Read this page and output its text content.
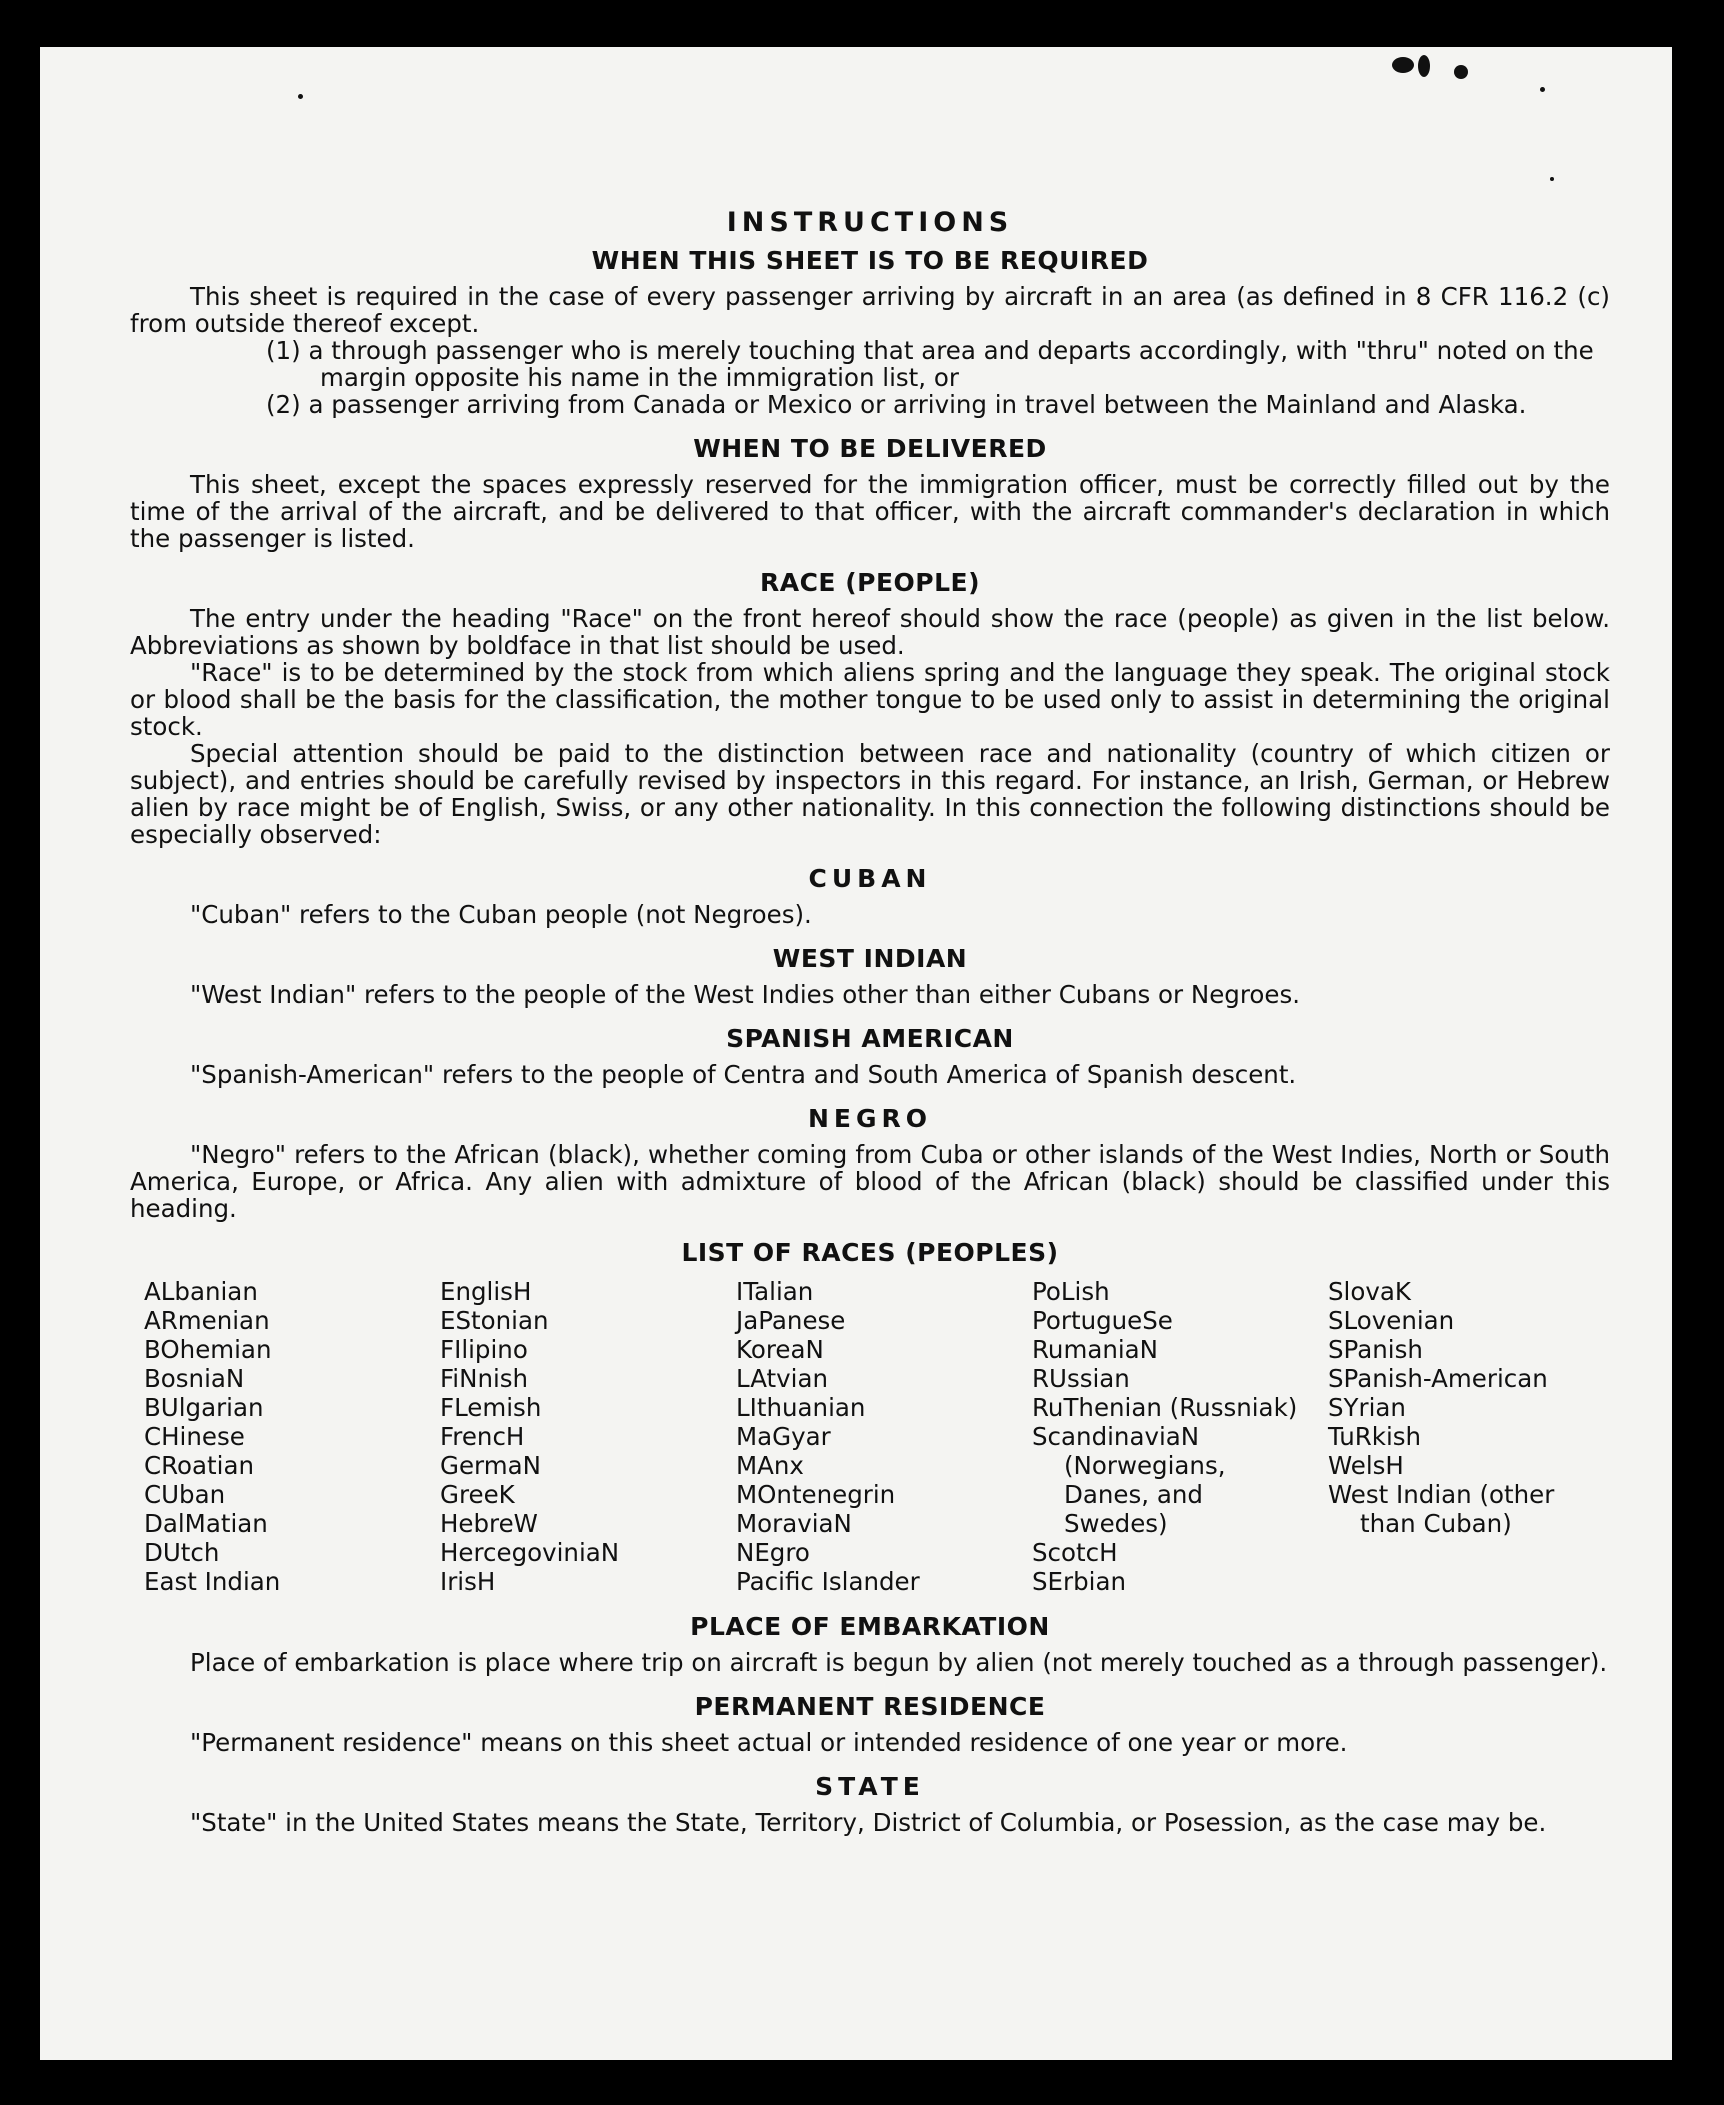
INSTRUCTIONS
WHEN THIS SHEET IS TO BE REQUIRED

This sheet is required in the case of every passenger arriving by aircraft in an area (as defined in 8 CFR 116.2 (c) from outside thereof except.

(1) a through passenger who is merely touching that area and departs accordingly, with "thru" noted on the margin opposite his name in the immigration list, or

(2) a passenger arriving from Canada or Mexico or arriving in travel between the Mainland and Alaska.

WHEN TO BE DELIVERED

This sheet, except the spaces expressly reserved for the immigration officer, must be correctly filled out by the time of the arrival of the aircraft, and be delivered to that officer, with the aircraft commander's declaration in which the passenger is listed.

RACE (PEOPLE)

The entry under the heading "Race" on the front hereof should show the race (people) as given in the list below. Abbreviations as shown by boldface in that list should be used.

"Race" is to be determined by the stock from which aliens spring and the language they speak. The original stock or blood shall be the basis for the classification, the mother tongue to be used only to assist in determining the original stock.

Special attention should be paid to the distinction between race and nationality (country of which citizen or subject), and entries should be carefully revised by inspectors in this regard. For instance, an Irish, German, or Hebrew alien by race might be of English, Swiss, or any other nationality. In this connection the following distinctions should be especially observed:

CUBAN

"Cuban" refers to the Cuban people (not Negroes).

WEST INDIAN

"West Indian" refers to the people of the West Indies other than either Cubans or Negroes.

SPANISH AMERICAN

"Spanish-American" refers to the people of Centra and South America of Spanish descent.

NEGRO

"Negro" refers to the African (black), whether coming from Cuba or other islands of the West Indies, North or South America, Europe, or Africa. Any alien with admixture of blood of the African (black) should be classified under this heading.

LIST OF RACES (PEOPLES)
ALbanian
ARmenian
BOhemian
BosniaN
BUlgarian
CHinese
CRoatian
CUban
DalMatian
DUtch
East Indian
EnglisH
EStonian
FIlipino
FiNnish
FLemish
FrencH
GermaN
GreeK
HebreW
HercegoviniaN
IrisH
ITalian
JaPanese
KoreaN
LAtvian
LIthuanian
MaGyar
MAnx
MOntenegrin
MoraviaN
NEgro
Pacific Islander
PoLish
PortugueSe
RumaniaN
RUssian
RuThenian (Russniak)
ScandinaviaN (Norwegians, Danes, and Swedes)
ScotcH
SErbian
SlovaK
SLovenian
SPanish
SPanish-American
SYrian
TuRkish
WelsH
West Indian (other than Cuban)
PLACE OF EMBARKATION

Place of embarkation is place where trip on aircraft is begun by alien (not merely touched as a through passenger).

PERMANENT RESIDENCE

"Permanent residence" means on this sheet actual or intended residence of one year or more.

STATE

"State" in the United States means the State, Territory, District of Columbia, or Posession, as the case may be.
